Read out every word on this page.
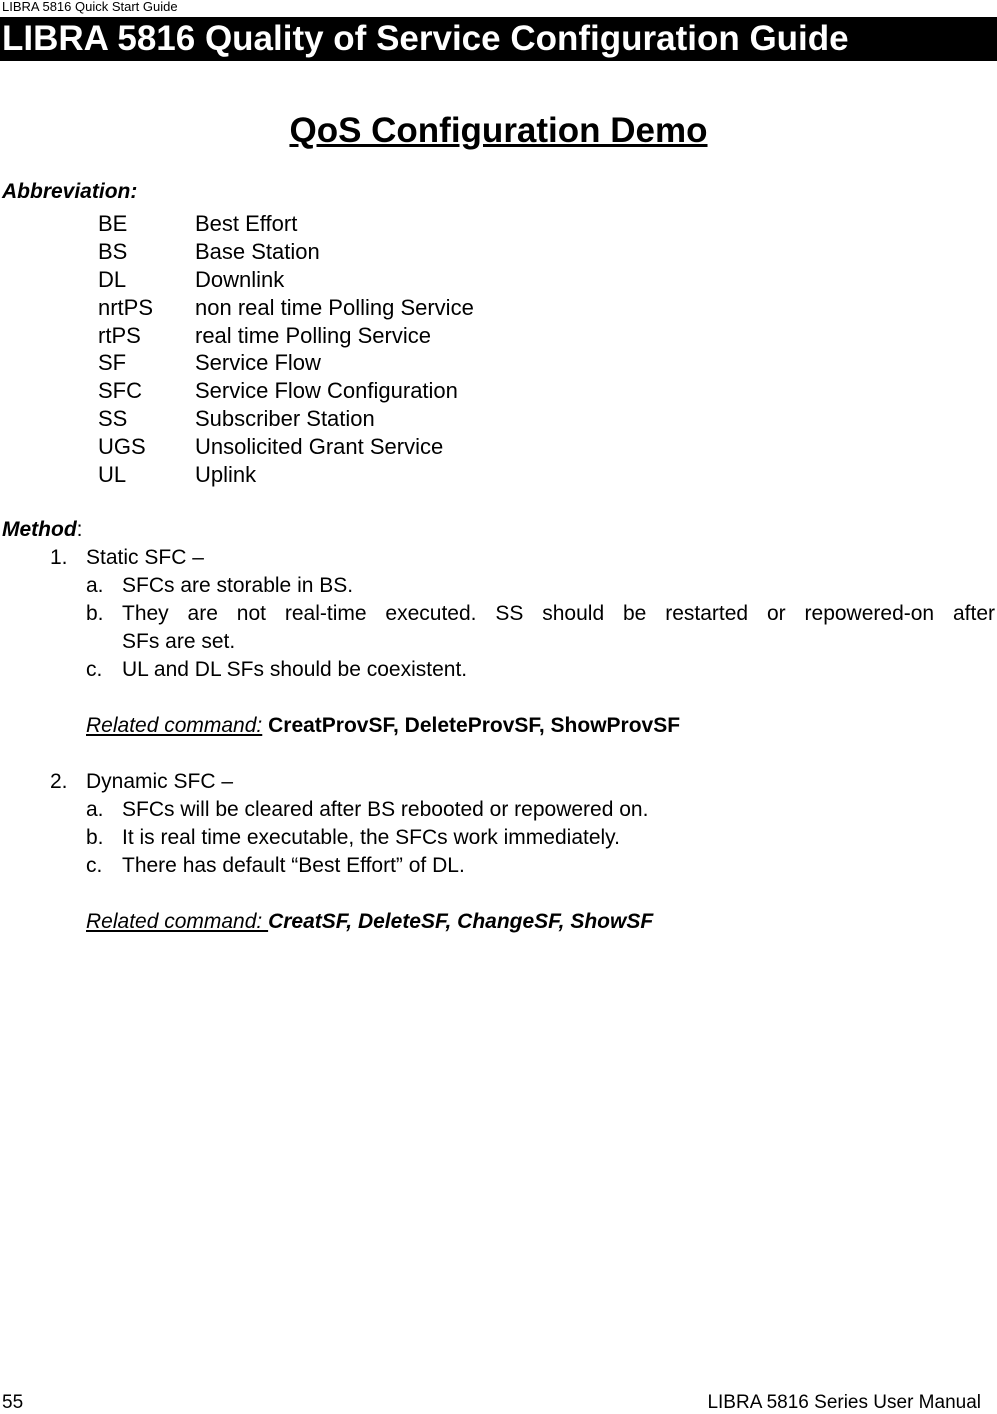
LIBRA 5816 Quick Start Guide
LIBRA 5816 Quality of Service Configuration Guide
QoS Configuration Demo
Abbreviation:
BE	Best Effort
BS	Base Station
DL	Downlink
nrtPS non real time Polling Service
rtPS real time Polling Service
SF	Service Flow
SFC Service Flow Configuration
SS	Subscriber Station
UGS Unsolicited Grant Service
UL	Uplink
Method:
1. Static SFC –
a. SFCs are storable in BS.
b. They are not real-time executed. SS should be restarted or repowered-on after
SFs are set.
c. UL and DL SFs should be coexistent.
Related command: CreatProvSF, DeleteProvSF, ShowProvSF
2. Dynamic SFC –
a. SFCs will be cleared after BS rebooted or repowered on.
b. It is real time executable, the SFCs work immediately.
c. There has default “Best Effort” of DL.
Related command: CreatSF, DeleteSF, ChangeSF, ShowSF
55	LIBRA 5816 Series User Manual
